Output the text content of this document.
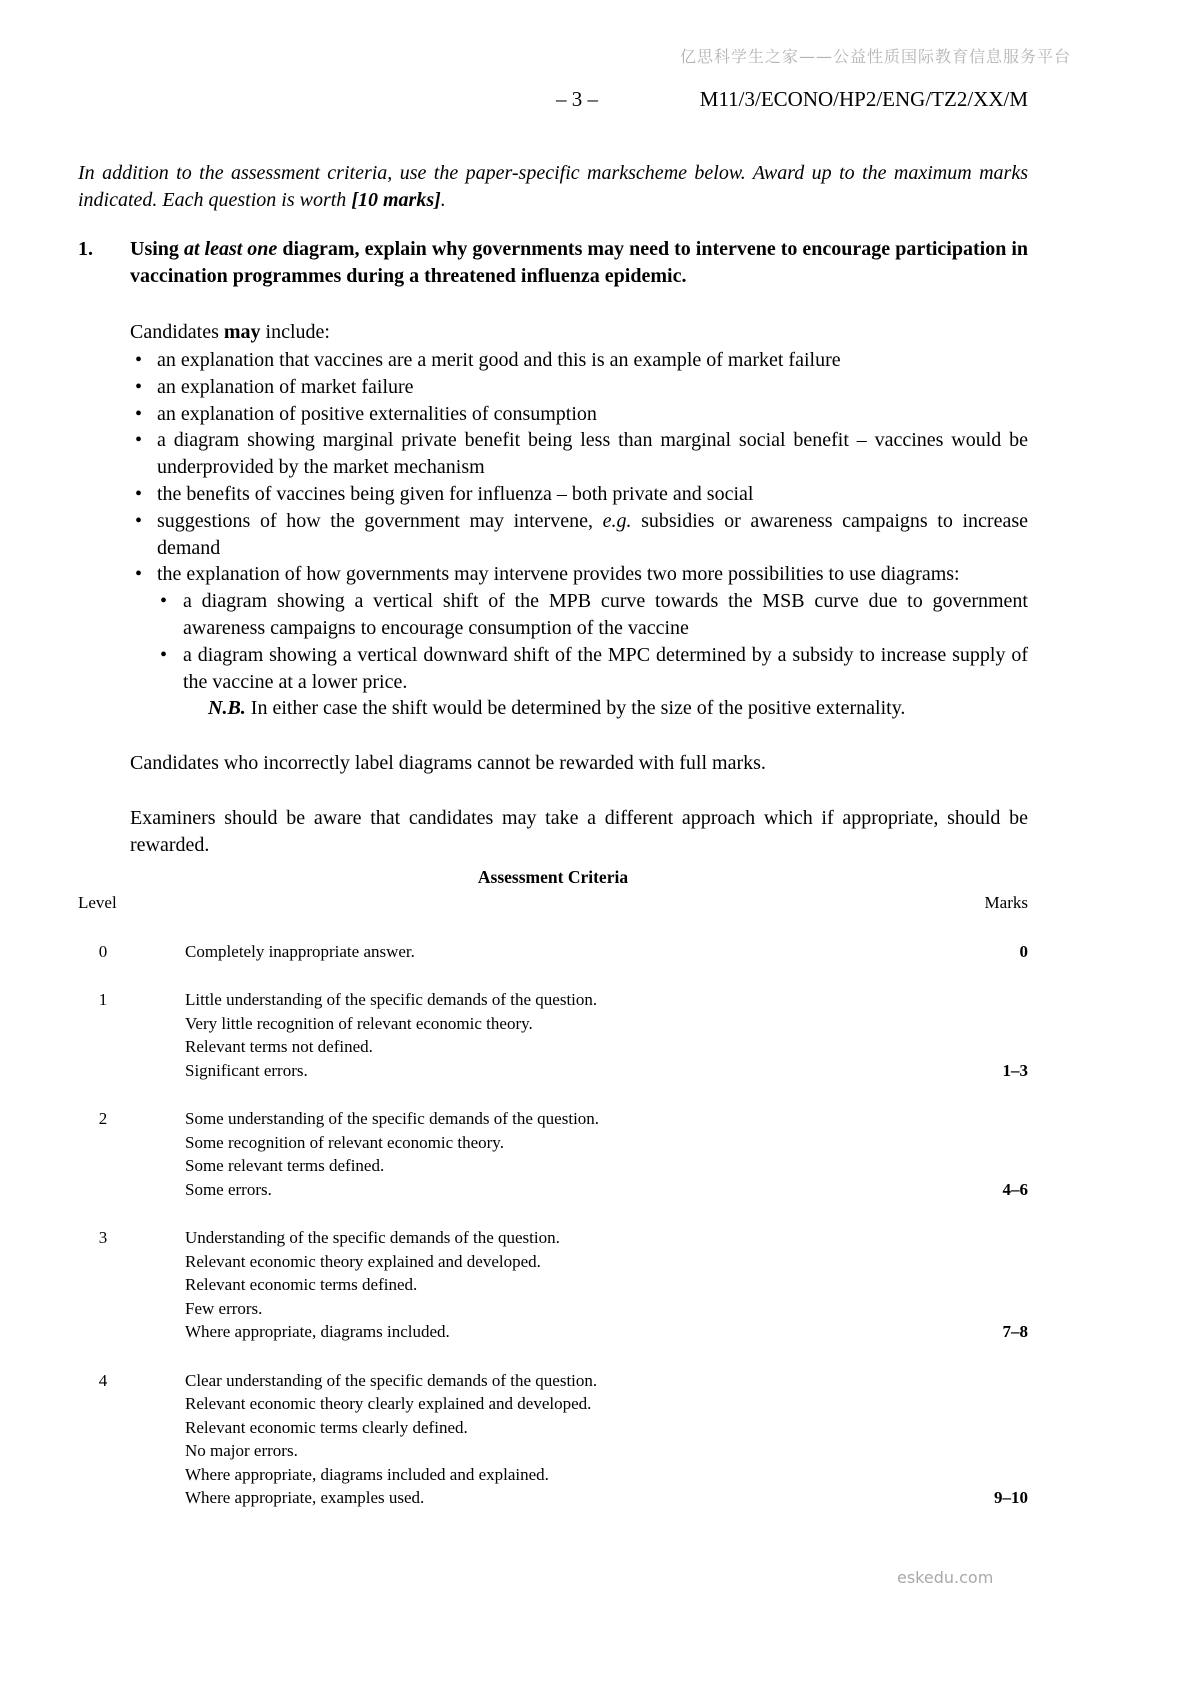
亿思科学生之家——公益性质国际教育信息服务平台
– 3 –	M11/3/ECONO/HP2/ENG/TZ2/XX/M

In addition to the assessment criteria, use the paper-specific markscheme below. Award up to the maximum marks indicated. Each question is worth [10 marks].

1.	Using at least one diagram, explain why governments may need to intervene to encourage participation in vaccination programmes during a threatened influenza epidemic.

Candidates may include:

• an explanation that vaccines are a merit good and this is an example of market failure
• an explanation of market failure
• an explanation of positive externalities of consumption
• a diagram showing marginal private benefit being less than marginal social benefit – vaccines would be underprovided by the market mechanism
• the benefits of vaccines being given for influenza – both private and social
• suggestions of how the government may intervene, e.g. subsidies or awareness campaigns to increase demand
• the explanation of how governments may intervene provides two more possibilities to use diagrams:
• a diagram showing a vertical shift of the MPB curve towards the MSB curve due to government awareness campaigns to encourage consumption of the vaccine
• a diagram showing a vertical downward shift of the MPC determined by a subsidy to increase supply of the vaccine at a lower price.
N.B. In either case the shift would be determined by the size of the positive externality.

Candidates who incorrectly label diagrams cannot be rewarded with full marks.

Examiners should be aware that candidates may take a different approach which if appropriate, should be rewarded.

Assessment Criteria
Level	Marks
0	Completely inappropriate answer.	0
1	Little understanding of the specific demands of the question.
Very little recognition of relevant economic theory.
Relevant terms not defined.
Significant errors.	1–3
2	Some understanding of the specific demands of the question.
Some recognition of relevant economic theory.
Some relevant terms defined.
Some errors.	4–6
3	Understanding of the specific demands of the question.
Relevant economic theory explained and developed.
Relevant economic terms defined.
Few errors.
Where appropriate, diagrams included.	7–8
4	Clear understanding of the specific demands of the question.
Relevant economic theory clearly explained and developed.
Relevant economic terms clearly defined.
No major errors.
Where appropriate, diagrams included and explained.
Where appropriate, examples used.	9–10
eskedu.com
